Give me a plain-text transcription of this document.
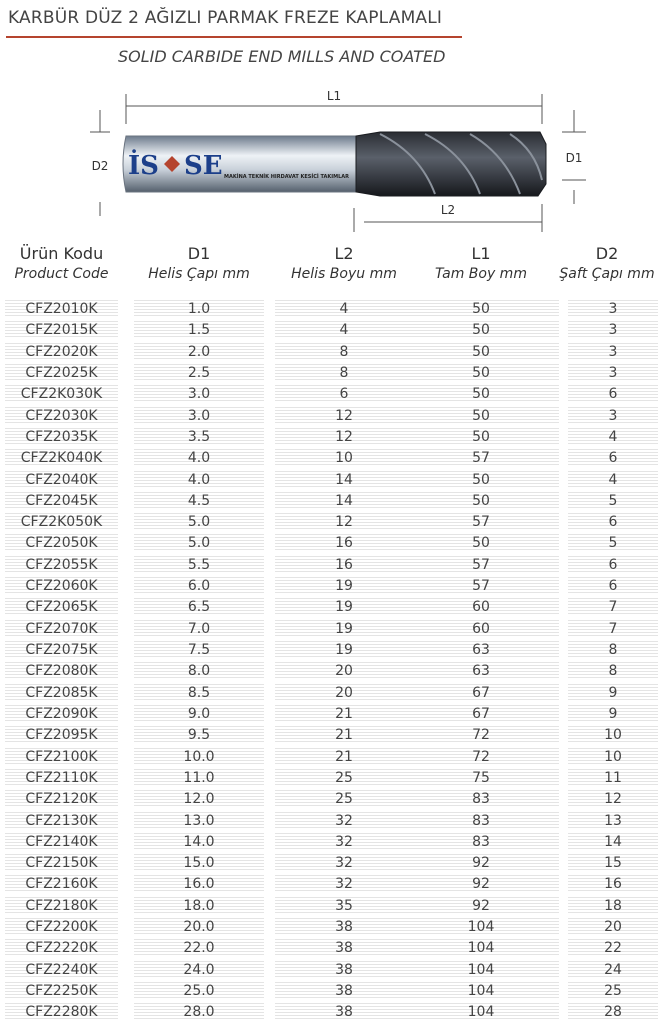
KARBÜR DÜZ 2 AĞIZLI PARMAK FREZE KAPLAMALI
SOLID CARBIDE END MILLS AND COATED
L1
D2 İS SE MAKİNA TEKNİK HIRDAVAT KESİCİ TAKIMLAR
D1
L2
Ürün Kodu
Product Code
D1
Helis Çapı mm
L2
Helis Boyu mm
L1
Tam Boy mm
D2
Şaft Çapı mm
CFZ2010K	1.0	4	50	3
CFZ2015K	1.5	4	50	3
CFZ2020K	2.0	8	50	3
CFZ2025K	2.5	8	50	3
CFZ2K030K	3.0	6	50	6
CFZ2030K	3.0	12	50	3
CFZ2035K	3.5	12	50	4
CFZ2K040K	4.0	10	57	6
CFZ2040K	4.0	14	50	4
CFZ2045K	4.5	14	50	5
CFZ2K050K	5.0	12	57	6
CFZ2050K	5.0	16	50	5
CFZ2055K	5.5	16	57	6
CFZ2060K	6.0	19	57	6
CFZ2065K	6.5	19	60	7
CFZ2070K	7.0	19	60	7
CFZ2075K	7.5	19	63	8
CFZ2080K	8.0	20	63	8
CFZ2085K	8.5	20	67	9
CFZ2090K	9.0	21	67	9
CFZ2095K	9.5	21	72	10
CFZ2100K	10.0	21	72	10
CFZ2110K	11.0	25	75	11
CFZ2120K	12.0	25	83	12
CFZ2130K	13.0	32	83	13
CFZ2140K	14.0	32	83	14
CFZ2150K	15.0	32	92	15
CFZ2160K	16.0	32	92	16
CFZ2180K	18.0	35	92	18
CFZ2200K	20.0	38	104	20
CFZ2220K	22.0	38	104	22
CFZ2240K	24.0	38	104	24
CFZ2250K	25.0	38	104	25
CFZ2280K	28.0	38	104	28
